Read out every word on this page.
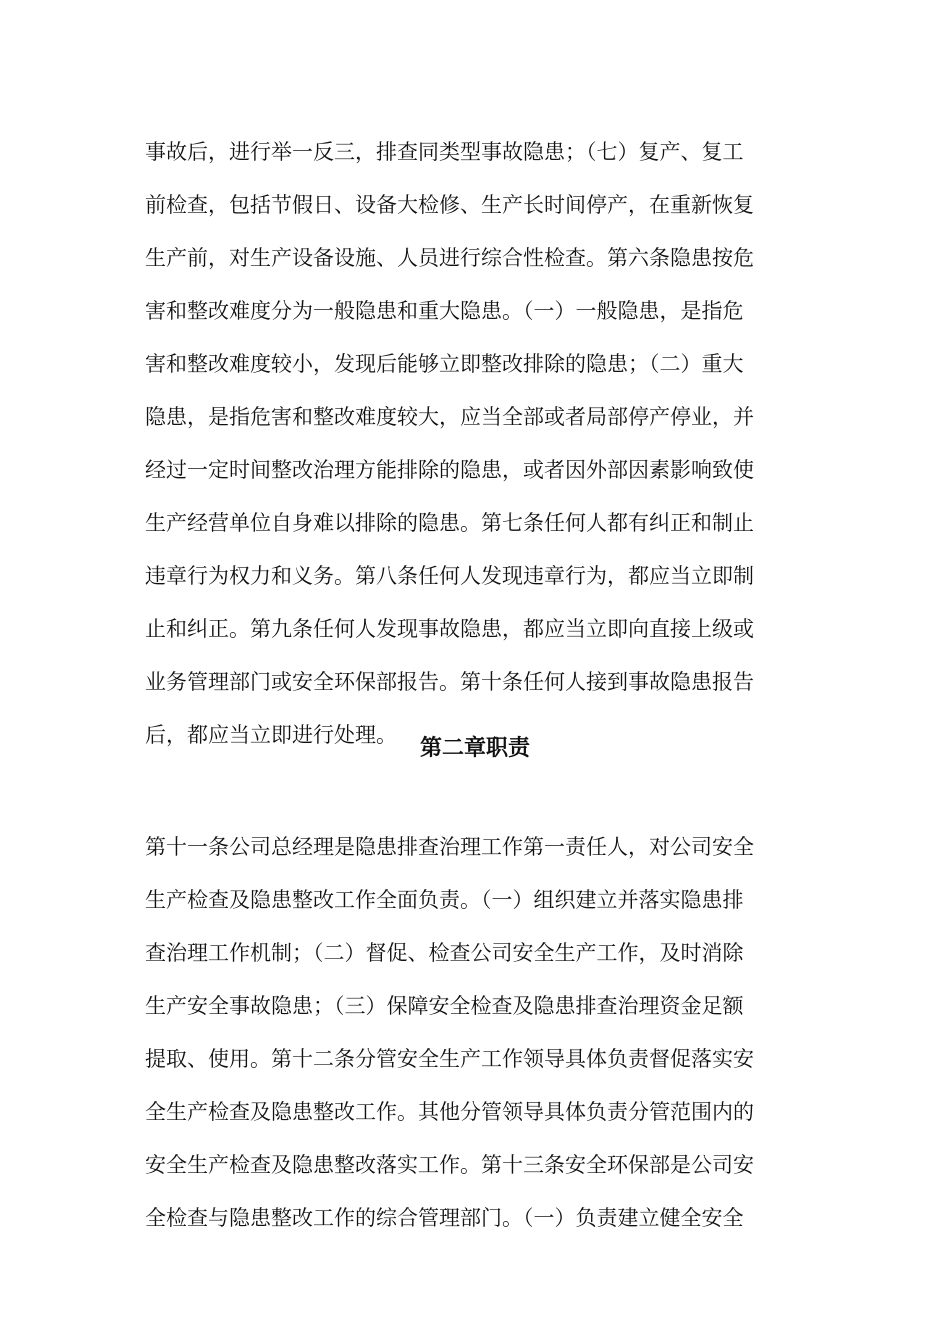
事故后，进行举一反三，排查同类型事故隐患；（七）复产、复工
前检查，包括节假日、设备大检修、生产长时间停产，在重新恢复
生产前，对生产设备设施、人员进行综合性检查。第六条隐患按危
害和整改难度分为一般隐患和重大隐患。（一）一般隐患，是指危
害和整改难度较小，发现后能够立即整改排除的隐患；（二）重大
隐患，是指危害和整改难度较大，应当全部或者局部停产停业，并
经过一定时间整改治理方能排除的隐患，或者因外部因素影响致使
生产经营单位自身难以排除的隐患。第七条任何人都有纠正和制止
违章行为权力和义务。第八条任何人发现违章行为，都应当立即制
止和纠正。第九条任何人发现事故隐患，都应当立即向直接上级或
业务管理部门或安全环保部报告。第十条任何人接到事故隐患报告
后，都应当立即进行处理。
第二章职责
第十一条公司总经理是隐患排查治理工作第一责任人，对公司安全
生产检查及隐患整改工作全面负责。（一）组织建立并落实隐患排
查治理工作机制；（二）督促、检查公司安全生产工作，及时消除
生产安全事故隐患；（三）保障安全检查及隐患排查治理资金足额
提取、使用。第十二条分管安全生产工作领导具体负责督促落实安
全生产检查及隐患整改工作。其他分管领导具体负责分管范围内的
安全生产检查及隐患整改落实工作。第十三条安全环保部是公司安
全检查与隐患整改工作的综合管理部门。（一）负责建立健全安全
